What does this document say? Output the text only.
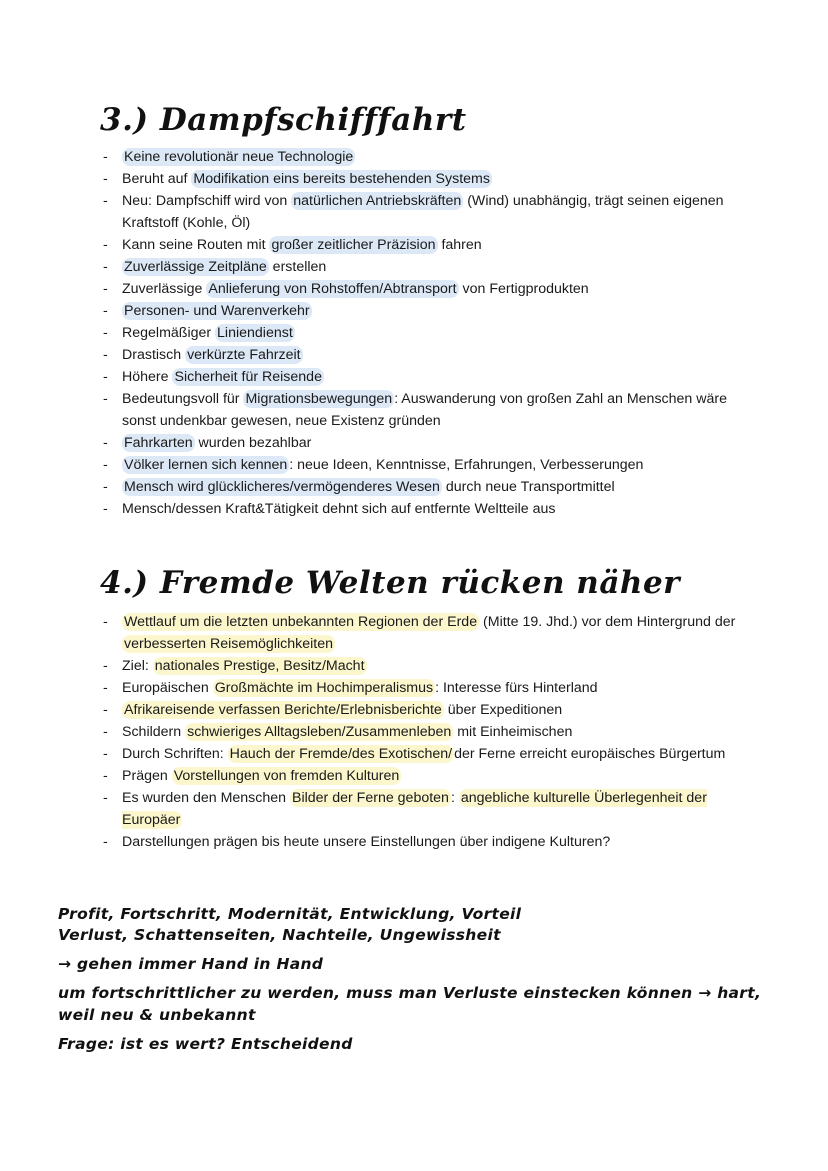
3.) Dampfschifffahrt
- Keine revolutionär neue Technologie
- Beruht auf Modifikation eins bereits bestehenden Systems
- Neu: Dampfschiff wird von natürlichen Antriebskräften (Wind) unabhängig, trägt seinen eigenen Kraftstoff (Kohle, Öl)
- Kann seine Routen mit großer zeitlicher Präzision fahren
- Zuverlässige Zeitpläne erstellen
- Zuverlässige Anlieferung von Rohstoffen/Abtransport von Fertigprodukten
- Personen- und Warenverkehr
- Regelmäßiger Liniendienst
- Drastisch verkürzte Fahrzeit
- Höhere Sicherheit für Reisende
- Bedeutungsvoll für Migrationsbewegungen : Auswanderung von großen Zahl an Menschen wäre sonst undenkbar gewesen, neue Existenz gründen
- Fahrkarten wurden bezahlbar
- Völker lernen sich kennen : neue Ideen, Kenntnisse, Erfahrungen, Verbesserungen
- Mensch wird glücklicheres/vermögenderes Wesen durch neue Transportmittel
- Mensch/dessen Kraft&Tätigkeit dehnt sich auf entfernte Weltteile aus
4.) Fremde Welten rücken näher
- Wettlauf um die letzten unbekannten Regionen der Erde (Mitte 19. Jhd.) vor dem Hintergrund der verbesserten Reisemöglichkeiten
- Ziel: nationales Prestige, Besitz/Macht
- Europäischen Großmächte im Hochimperalismus : Interesse fürs Hinterland
- Afrikareisende verfassen Berichte/Erlebnisberichte über Expeditionen
- Schildern schwieriges Alltagsleben/Zusammenleben mit Einheimischen
- Durch Schriften: Hauch der Fremde/des Exotischen/ der Ferne erreicht europäisches Bürgertum
- Prägen Vorstellungen von fremden Kulturen
- Es wurden den Menschen Bilder der Ferne geboten : angebliche kulturelle Überlegenheit der Europäer
- Darstellungen prägen bis heute unsere Einstellungen über indigene Kulturen?

Profit, Fortschritt, Modernität, Entwicklung, Vorteil

Verlust, Schattenseiten, Nachteile, Ungewissheit

→ gehen immer Hand in Hand

um fortschrittlicher zu werden, muss man Verluste einstecken können → hart,

weil neu & unbekannt

Frage: ist es wert? Entscheidend
